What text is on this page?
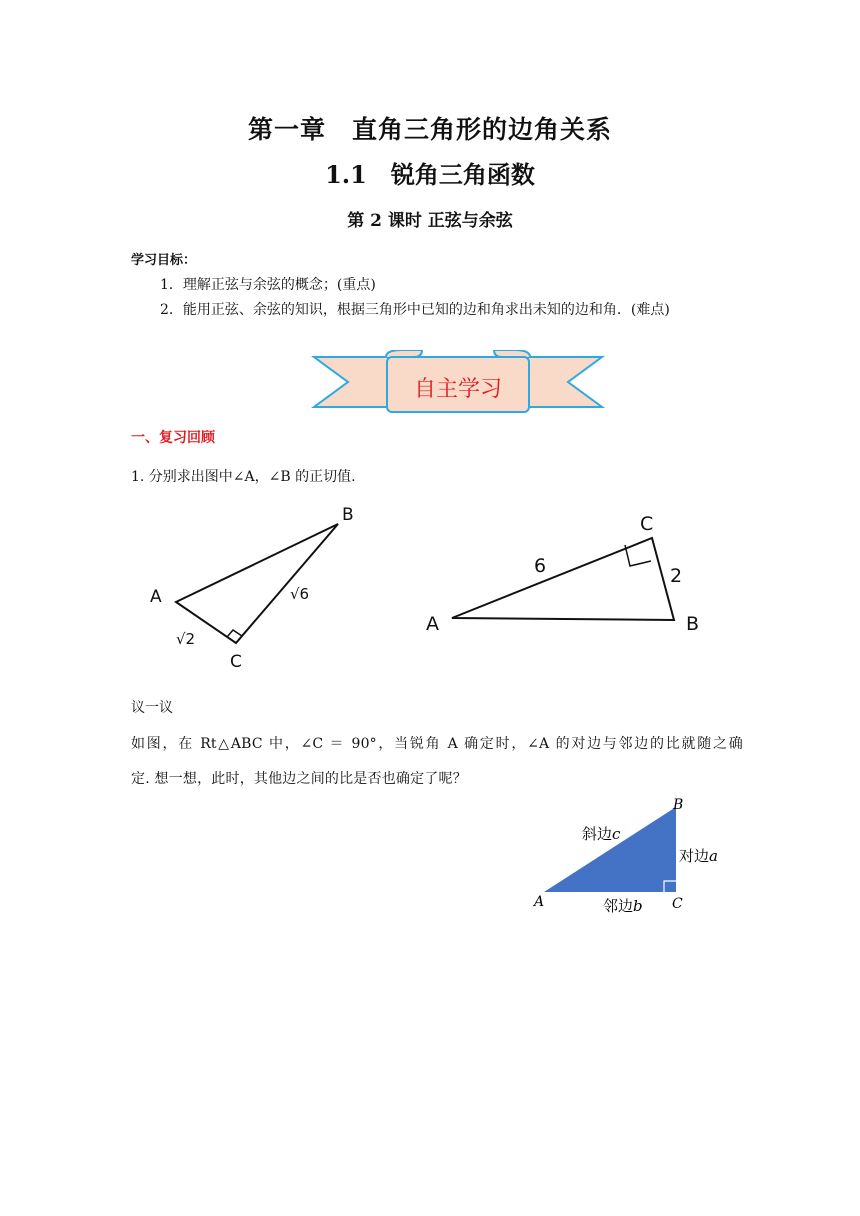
第一章　直角三角形的边角关系
1.1　锐角三角函数
第 2 课时 正弦与余弦
学习目标：
1．理解正弦与余弦的概念；(重点)
2．能用正弦、余弦的知识，根据三角形中已知的边和角求出未知的边和角．(难点)
自主学习
一、复习回顾
1. 分别求出图中∠A，∠B 的正切值.
A
B
C
√2
√6
A	B
C
6	2
议一议
如图，在 Rt△ABC 中，∠C ＝ 90°，当锐角 A 确定时，∠A 的对边与邻边的比就随之确
定. 想一想，此时，其他边之间的比是否也确定了呢？
A
B
C
斜边c
对边a
邻边b
